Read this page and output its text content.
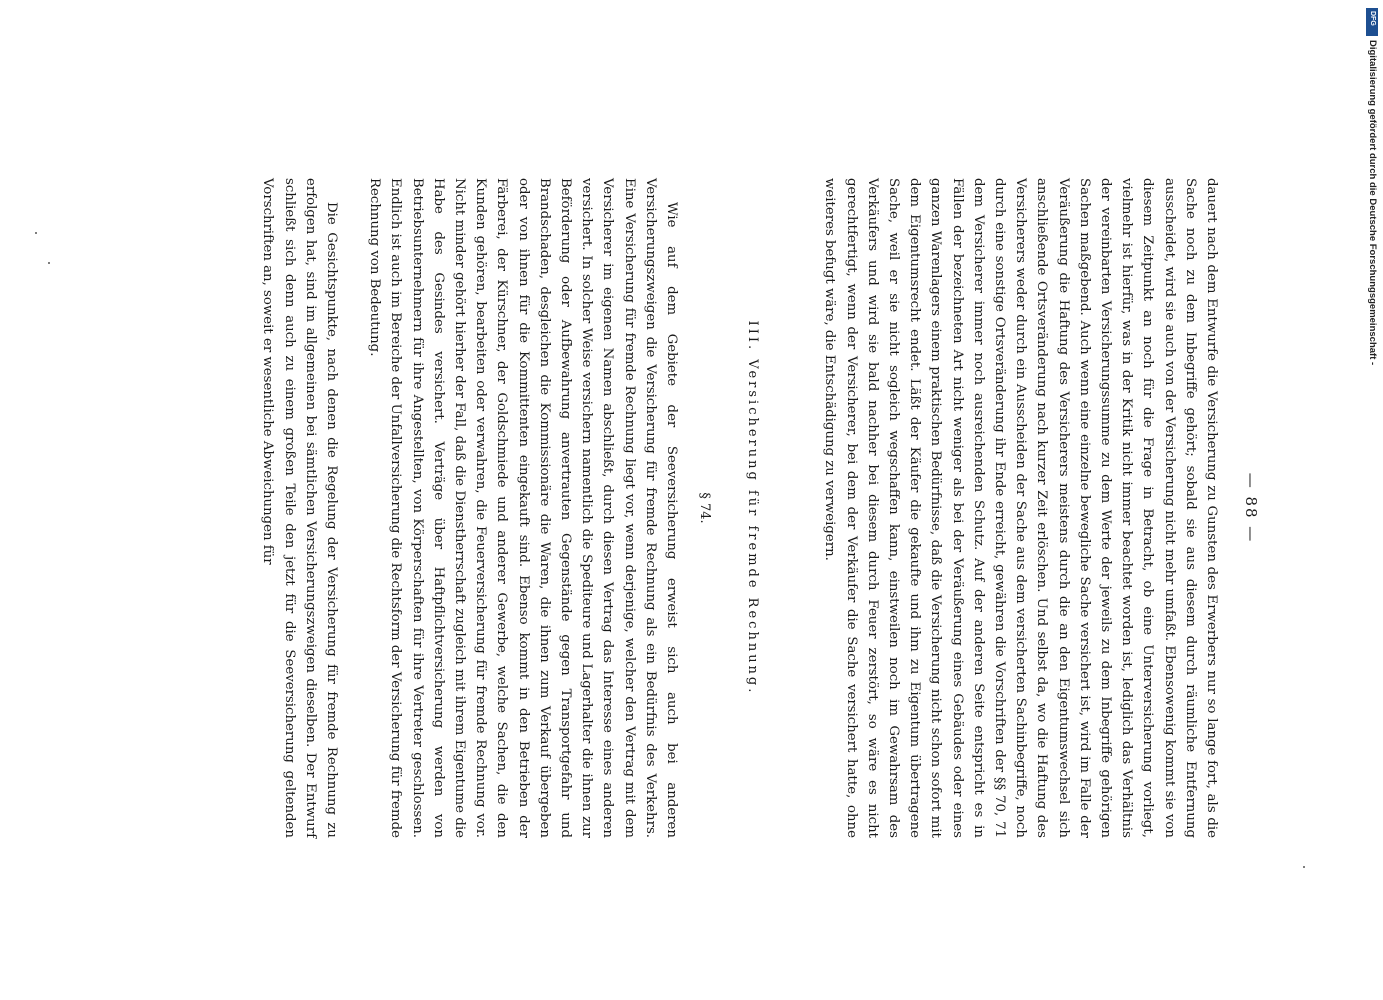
— 88 —
dauert nach dem Entwurfe die Versicherung zu Gunsten des Erwerbers nur so lange fort, als die Sache noch zu dem Inbegriffe gehört; sobald sie aus diesem durch räumliche Entfernung ausscheidet, wird sie auch von der Versicherung nicht mehr umfaßt. Ebensowenig kommt sie von diesem Zeitpunkt an noch für die Frage in Betracht, ob eine Unterversicherung vorliegt, vielmehr ist hierfür, was in der Kritik nicht immer beachtet worden ist, lediglich das Verhältnis der vereinbarten Versicherungssumme zu dem Werte der jeweils zu dem Inbegriffe gehörigen Sachen maßgebend. Auch wenn eine einzelne bewegliche Sache versichert ist, wird im Falle der Veräußerung die Haftung des Versicherers meistens durch die an den Eigentumswechsel sich anschließende Ortsveränderung nach kurzer Zeit erlöschen. Und selbst da, wo die Haftung des Versicherers weder durch ein Ausscheiden der Sache aus dem versicherten Sachinbegriffe, noch durch eine sonstige Ortsveränderung ihr Ende erreicht, gewähren die Vorschriften der §§ 70, 71 dem Versicherer immer noch ausreichenden Schutz. Auf der anderen Seite entspricht es in Fällen der bezeichneten Art nicht weniger als bei der Veräußerung eines Gebäudes oder eines ganzen Warenlagers einem praktischen Bedürfnisse, daß die Versicherung nicht schon sofort mit dem Eigentumsrecht endet. Läßt der Käufer die gekaufte und ihm zu Eigentum übertragene Sache, weil er sie nicht sogleich wegschaffen kann, einstweilen noch im Gewahrsam des Verkäufers und wird sie bald nachher bei diesem durch Feuer zerstört, so wäre es nicht gerechtfertigt, wenn der Versicherer, bei dem der Verkäufer die Sache versichert hatte, ohne weiteres befugt wäre, die Entschädigung zu verweigern.
III. Versicherung für fremde Rechnung.
§ 74.
Wie auf dem Gebiete der Seeversicherung erweist sich auch bei anderen Versicherungszweigen die Versicherung für fremde Rechnung als ein Bedürfnis des Verkehrs. Eine Versicherung für fremde Rechnung liegt vor, wenn derjenige, welcher den Vertrag mit dem Versicherer im eigenen Namen abschließt, durch diesen Vertrag das Interesse eines anderen versichert. In solcher Weise versichern namentlich die Spediteure und Lagerhalter die ihnen zur Beförderung oder Aufbewahrung anvertrauten Gegenstände gegen Transportgefahr und Brandschaden, desgleichen die Kommissionäre die Waren, die ihnen zum Verkauf übergeben oder von ihnen für die Kommittenten eingekauft sind. Ebenso kommt in den Betrieben der Färberei, der Kürschner, der Goldschmiede und anderer Gewerbe, welche Sachen, die den Kunden gehören, bearbeiten oder verwahren, die Feuerversicherung für fremde Rechnung vor. Nicht minder gehört hierher der Fall, daß die Dienstherrschaft zugleich mit ihrem Eigentume die Habe des Gesindes versichert. Verträge über Haftpflichtversicherung werden von Betriebsunternehmern für ihre Angestellten, von Körperschaften für ihre Vertreter geschlossen. Endlich ist auch im Bereiche der Unfallversicherung die Rechtsform der Versicherung für fremde Rechnung von Bedeutung.
Die Gesichtspunkte, nach denen die Regelung der Versicherung für fremde Rechnung zu erfolgen hat, sind im allgemeinen bei sämtlichen Versicherungszweigen dieselben. Der Entwurf schließt sich denn auch zu einem großen Teile den jetzt für die Seeversicherung geltenden Vorschriften an, soweit er wesentliche Abweichungen für
DFG
Digitalisierung gefördert durch die Deutsche Forschungsgemeinschaft -
